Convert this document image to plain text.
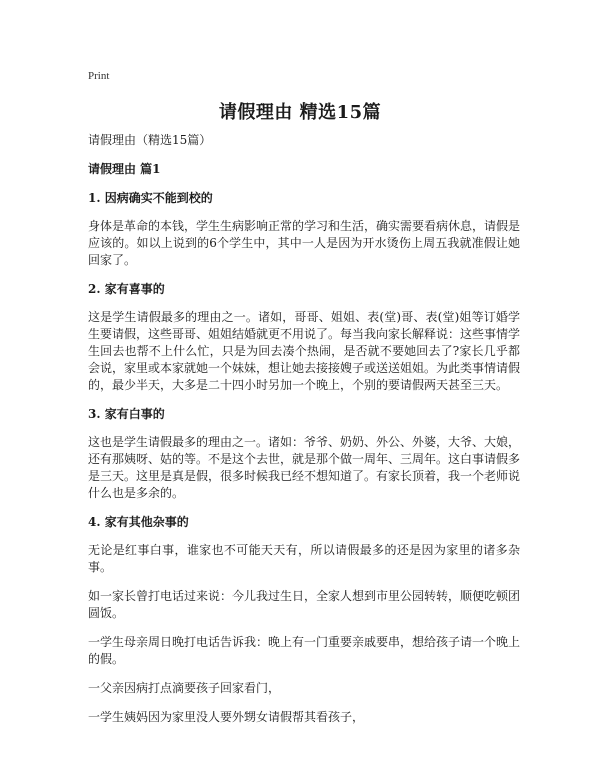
Print
请假理由 精选15篇

请假理由（精选15篇）

请假理由 篇1

1. 因病确实不能到校的

身体是革命的本钱，学生生病影响正常的学习和生活，确实需要看病休息，请假是应该的。如以上说到的6个学生中，其中一人是因为开水烫伤上周五我就准假让她回家了。

2. 家有喜事的

这是学生请假最多的理由之一。诸如，哥哥、姐姐、表(堂)哥、表(堂)姐等订婚学生要请假，这些哥哥、姐姐结婚就更不用说了。每当我向家长解释说：这些事情学生回去也帮不上什么忙，只是为回去凑个热闹，是否就不要她回去了?家长几乎都会说，家里或本家就她一个妹妹，想让她去接接嫂子或送送姐姐。为此类事情请假的，最少半天，大多是二十四小时另加一个晚上，个别的要请假两天甚至三天。

3. 家有白事的

这也是学生请假最多的理由之一。诸如：爷爷、奶奶、外公、外婆，大爷、大娘，还有那姨呀、姑的等。不是这个去世，就是那个做一周年、三周年。这白事请假多是三天。这里是真是假，很多时候我已经不想知道了。有家长顶着，我一个老师说什么也是多余的。

4. 家有其他杂事的

无论是红事白事，谁家也不可能天天有，所以请假最多的还是因为家里的诸多杂事。

如一家长曾打电话过来说：今儿我过生日，全家人想到市里公园转转，顺便吃顿团圆饭。

一学生母亲周日晚打电话告诉我：晚上有一门重要亲戚要串，想给孩子请一个晚上的假。

一父亲因病打点滴要孩子回家看门，

一学生姨妈因为家里没人要外甥女请假帮其看孩子，
